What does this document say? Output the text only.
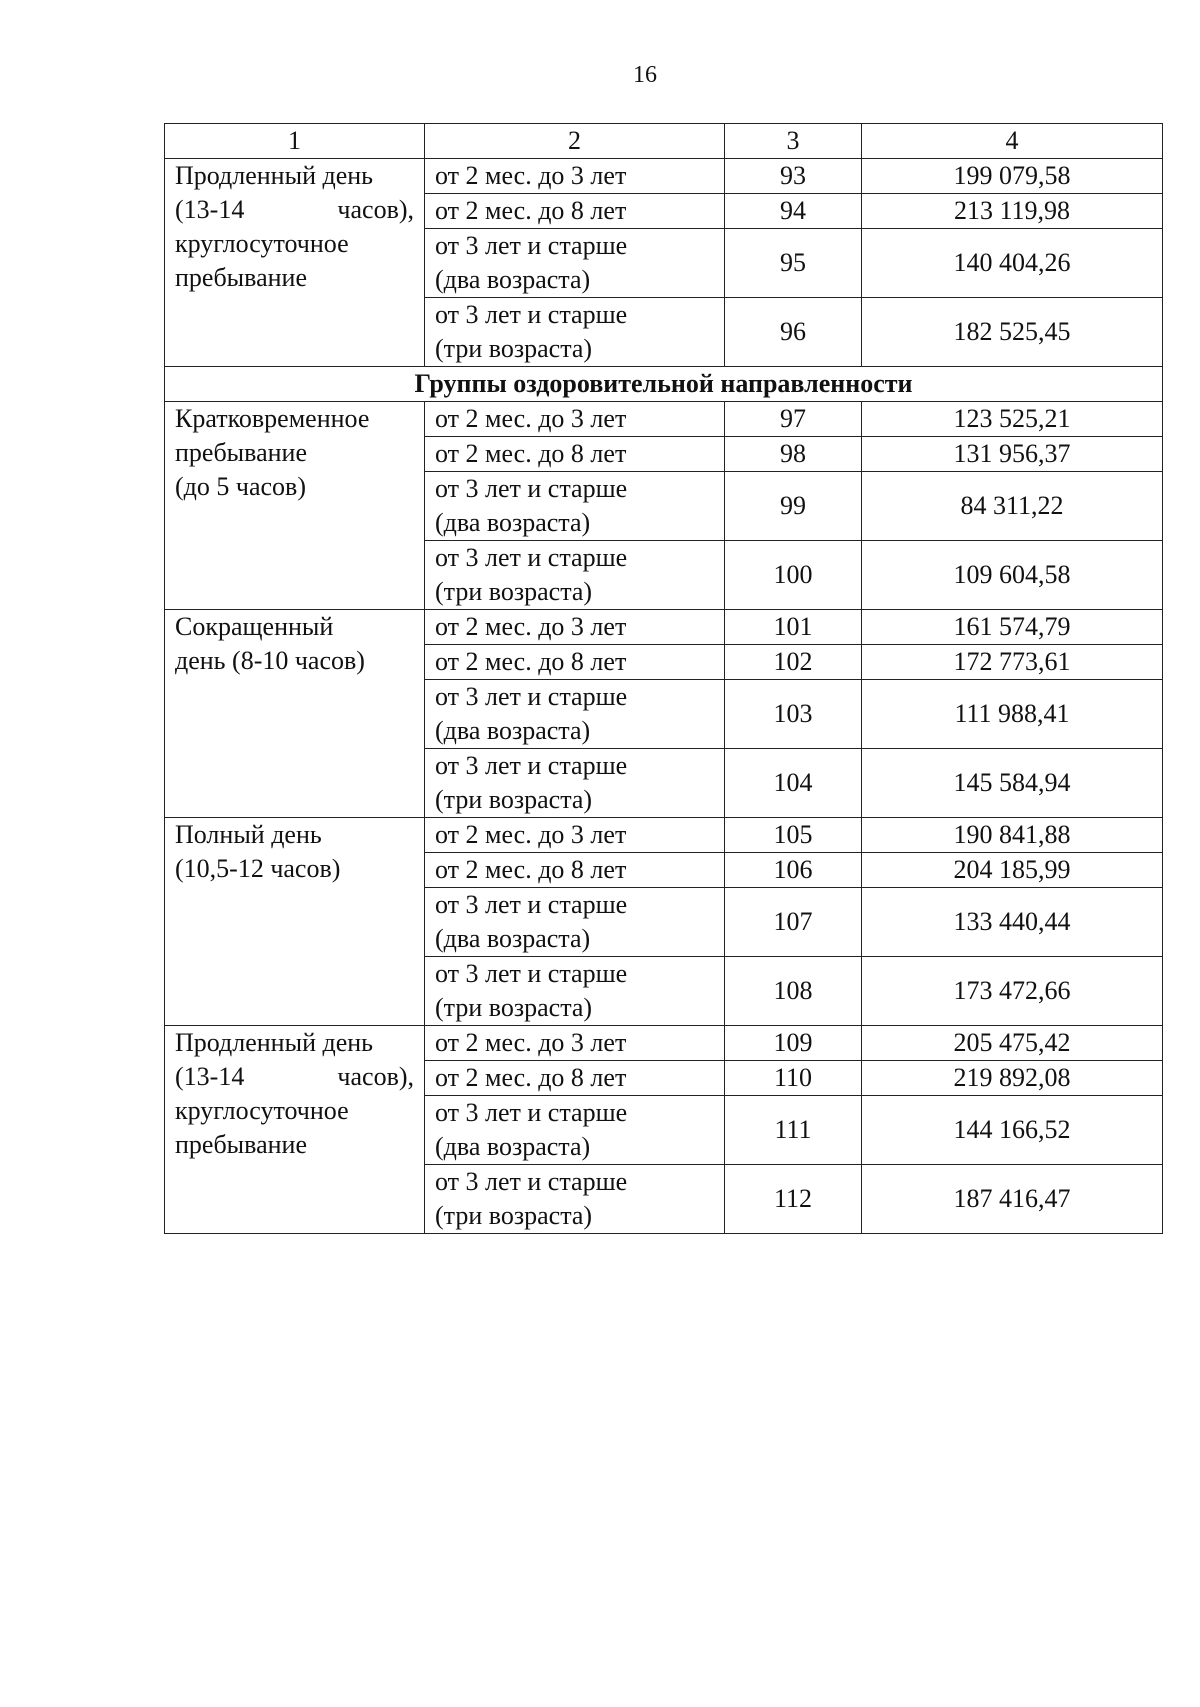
16
1	2	3	4

Продленный день
(13-14 часов),
круглосуточное
пребывание	от 2 мес. до 3 лет	93	199 079,58

	от 2 мес. до 8 лет	94	213 119,98

	от 3 лет и старше
(два возраста)	95	140 404,26

	от 3 лет и старше
(три возраста)	96	182 525,45
Группы оздоровительной направленности			

Кратковременное
пребывание
(до 5 часов)	от 2 мес. до 3 лет	97	123 525,21

	от 2 мес. до 8 лет	98	131 956,37

	от 3 лет и старше
(два возраста)	99	84 311,22

	от 3 лет и старше
(три возраста)	100	109 604,58

Сокращенный
день (8-10 часов)	от 2 мес. до 3 лет	101	161 574,79

	от 2 мес. до 8 лет	102	172 773,61

	от 3 лет и старше
(два возраста)	103	111 988,41

	от 3 лет и старше
(три возраста)	104	145 584,94

Полный день
(10,5-12 часов)	от 2 мес. до 3 лет	105	190 841,88

	от 2 мес. до 8 лет	106	204 185,99

	от 3 лет и старше
(два возраста)	107	133 440,44

	от 3 лет и старше
(три возраста)	108	173 472,66

Продленный день
(13-14 часов),
круглосуточное
пребывание	от 2 мес. до 3 лет	109	205 475,42

	от 2 мес. до 8 лет	110	219 892,08

	от 3 лет и старше
(два возраста)	111	144 166,52

	от 3 лет и старше
(три возраста)	112	187 416,47
